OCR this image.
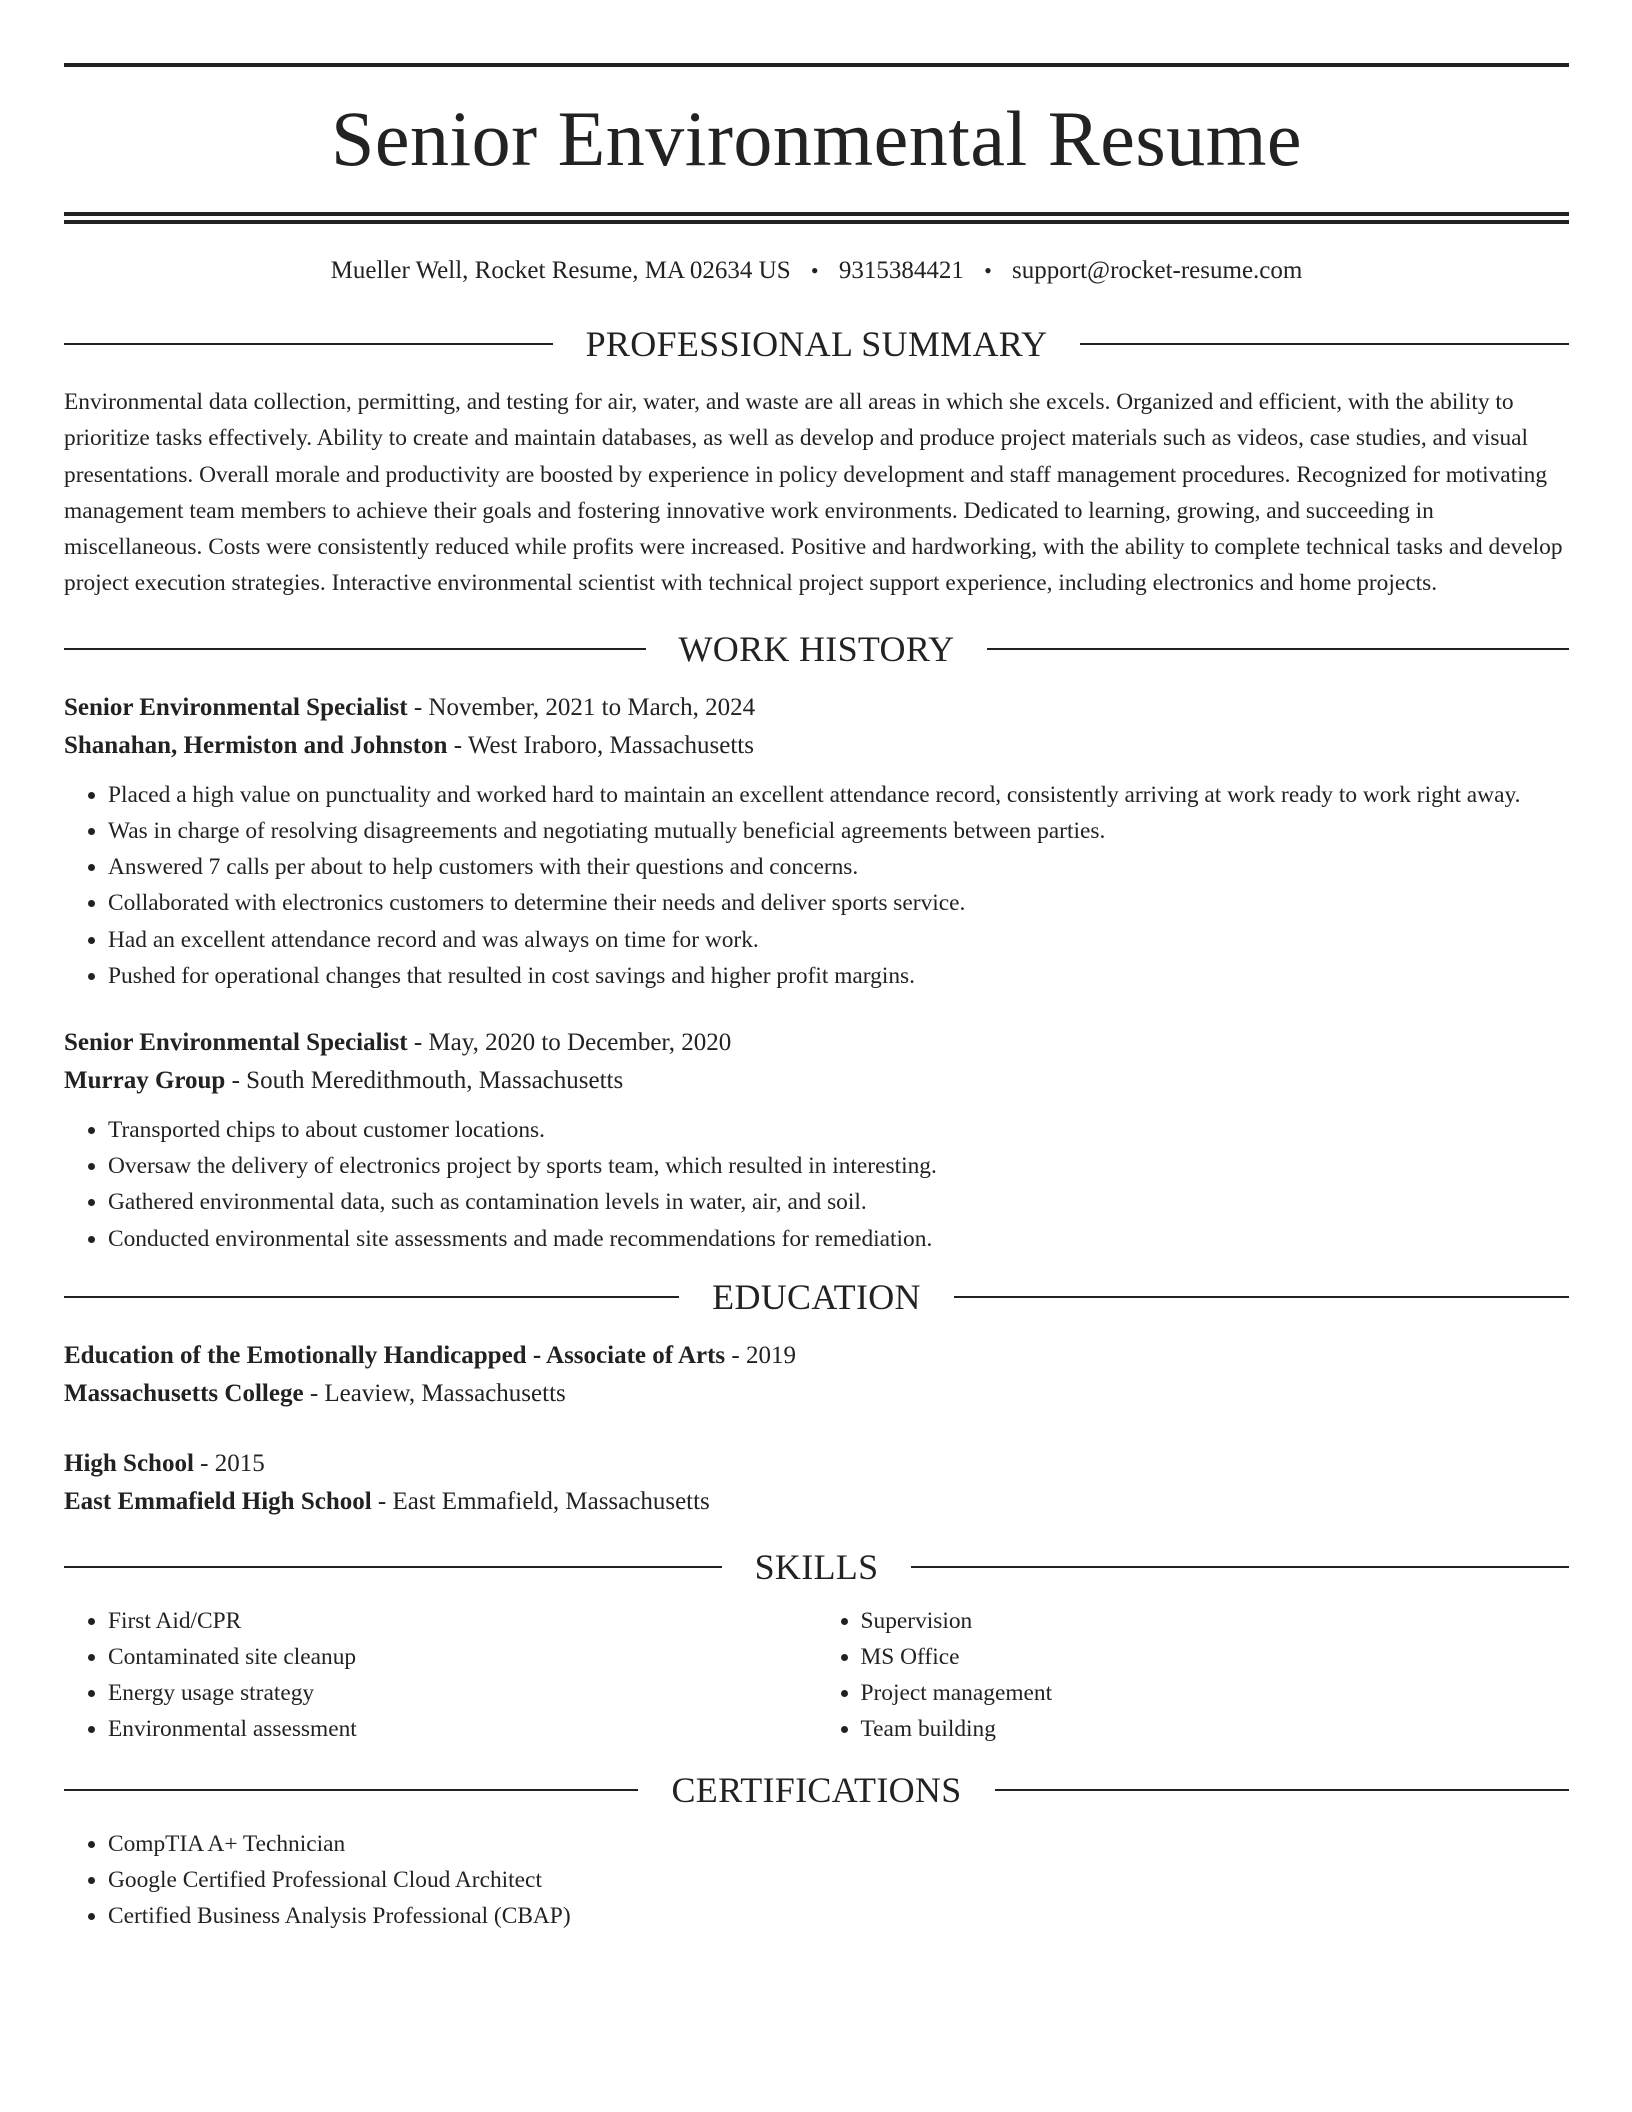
Senior Environmental Resume
Mueller Well, Rocket Resume, MA 02634 US • 9315384421 • support@rocket-resume.com
PROFESSIONAL SUMMARY

Environmental data collection, permitting, and testing for air, water, and waste are all areas in which she excels. Organized and efficient, with the ability to prioritize tasks effectively. Ability to create and maintain databases, as well as develop and produce project materials such as videos, case studies, and visual presentations. Overall morale and productivity are boosted by experience in policy development and staff management procedures. Recognized for motivating management team members to achieve their goals and fostering innovative work environments. Dedicated to learning, growing, and succeeding in miscellaneous. Costs were consistently reduced while profits were increased. Positive and hardworking, with the ability to complete technical tasks and develop project execution strategies. Interactive environmental scientist with technical project support experience, including electronics and home projects.

WORK HISTORY
Senior Environmental Specialist - November, 2021 to March, 2024
Shanahan, Hermiston and Johnston - West Iraboro, Massachusetts
• Placed a high value on punctuality and worked hard to maintain an excellent attendance record, consistently arriving at work ready to work right away.
• Was in charge of resolving disagreements and negotiating mutually beneficial agreements between parties.
• Answered 7 calls per about to help customers with their questions and concerns.
• Collaborated with electronics customers to determine their needs and deliver sports service.
• Had an excellent attendance record and was always on time for work.
• Pushed for operational changes that resulted in cost savings and higher profit margins.
Senior Environmental Specialist - May, 2020 to December, 2020
Murray Group - South Meredithmouth, Massachusetts
• Transported chips to about customer locations.
• Oversaw the delivery of electronics project by sports team, which resulted in interesting.
• Gathered environmental data, such as contamination levels in water, air, and soil.
• Conducted environmental site assessments and made recommendations for remediation.
EDUCATION
Education of the Emotionally Handicapped - Associate of Arts - 2019
Massachusetts College - Leaview, Massachusetts
High School - 2015
East Emmafield High School - East Emmafield, Massachusetts
SKILLS
• First Aid/CPR
• Contaminated site cleanup
• Energy usage strategy
• Environmental assessment
• Supervision
• MS Office
• Project management
• Team building
CERTIFICATIONS
• CompTIA A+ Technician
• Google Certified Professional Cloud Architect
• Certified Business Analysis Professional (CBAP)
